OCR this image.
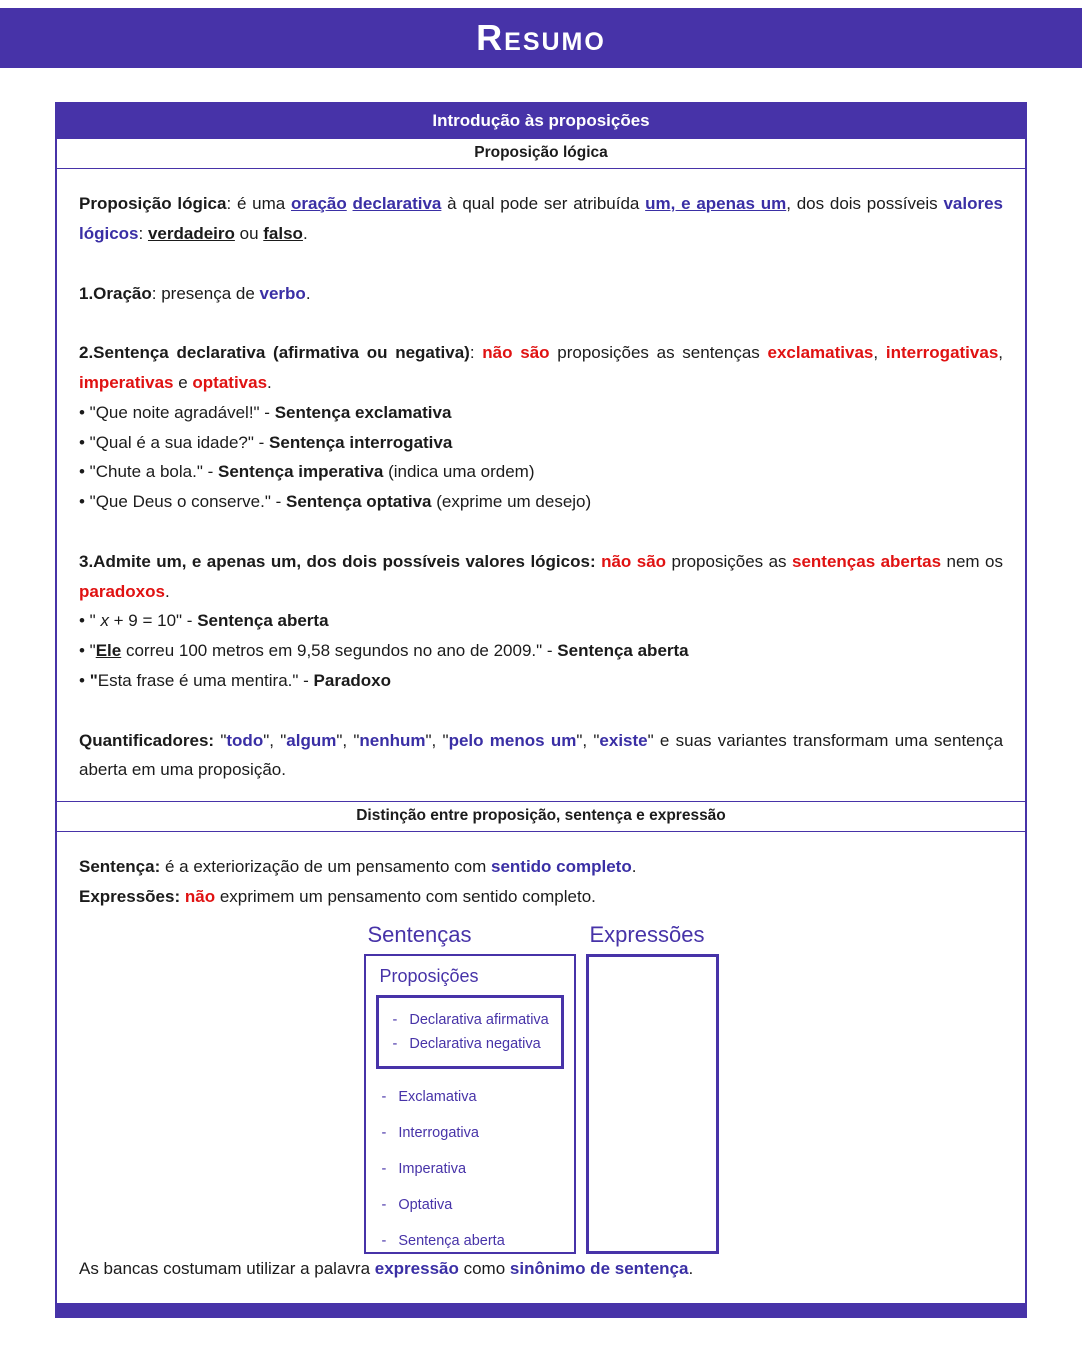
Resumo
Introdução às proposições
Proposição lógica

Proposição lógica: é uma oração declarativa à qual pode ser atribuída um, e apenas um, dos dois possíveis valores lógicos: verdadeiro ou falso.

1.Oração: presença de verbo.

2.Sentença declarativa (afirmativa ou negativa): não são proposições as sentenças exclamativas, interrogativas, imperativas e optativas.

• "Que noite agradável!" - Sentença exclamativa

• "Qual é a sua idade?" - Sentença interrogativa

• "Chute a bola." - Sentença imperativa (indica uma ordem)

• "Que Deus o conserve." - Sentença optativa (exprime um desejo)

3.Admite um, e apenas um, dos dois possíveis valores lógicos: não são proposições as sentenças abertas nem os paradoxos.

• " x + 9 = 10" - Sentença aberta

• "Ele correu 100 metros em 9,58 segundos no ano de 2009." - Sentença aberta

• "Esta frase é uma mentira." - Paradoxo

Quantificadores: "todo", "algum", "nenhum", "pelo menos um", "existe" e suas variantes transformam uma sentença aberta em uma proposição.

Distinção entre proposição, sentença e expressão

Sentença: é a exteriorização de um pensamento com sentido completo.

Expressões: não exprimem um pensamento com sentido completo.

Sentenças
Proposições
- Declarativa afirmativa
- Declarativa negativa
- Exclamativa
- Interrogativa
- Imperativa
- Optativa
- Sentença aberta
Expressões

As bancas costumam utilizar a palavra expressão como sinônimo de sentença.
